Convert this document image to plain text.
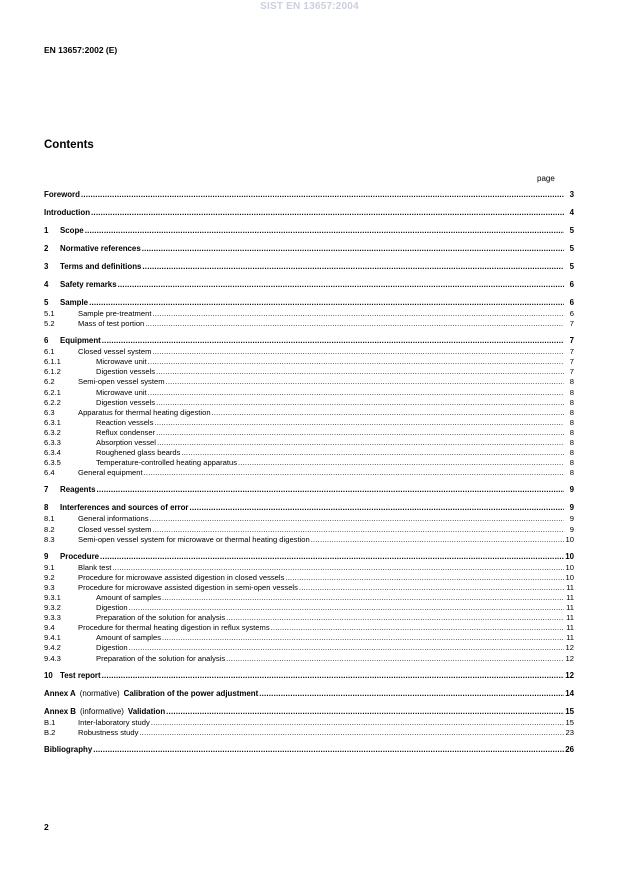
SIST EN 13657:2004
EN 13657:2002 (E)
Contents
page
Foreword .....	3
Introduction .....	4
1	Scope .....	5
2	Normative references .....	5
3	Terms and definitions .....	5
4	Safety remarks .....	6
5	Sample .....	6
5.1	Sample pre-treatment .....	6
5.2	Mass of test portion .....	7
6	Equipment .....	7
6.1	Closed vessel system .....	7
6.1.1	Microwave unit .....	7
6.1.2	Digestion vessels .....	7
6.2	Semi-open vessel system .....	8
6.2.1	Microwave unit .....	8
6.2.2	Digestion vessels .....	8
6.3	Apparatus for thermal heating digestion .....	8
6.3.1	Reaction vessels .....	8
6.3.2	Reflux condenser .....	8
6.3.3	Absorption vessel .....	8
6.3.4	Roughened glass beards .....	8
6.3.5	Temperature-controlled heating apparatus .....	8
6.4	General equipment .....	8
7	Reagents .....	9
8	Interferences and sources of error .....	9
8.1	General informations .....	9
8.2	Closed vessel system .....	9
8.3	Semi-open vessel system for microwave or thermal heating digestion .....	10
9	Procedure .....	10
9.1	Blank test .....	10
9.2	Procedure for microwave assisted digestion in closed vessels .....	10
9.3	Procedure for microwave assisted digestion in semi-open vessels .....	11
9.3.1	Amount of samples .....	11
9.3.2	Digestion .....	11
9.3.3	Preparation of the solution for analysis .....	11
9.4	Procedure for thermal heating digestion in reflux systems .....	11
9.4.1	Amount of samples .....	11
9.4.2	Digestion .....	12
9.4.3	Preparation of the solution for analysis .....	12
10 Test report .....	12
Annex A (normative) Calibration of the power adjustment .....	14
Annex B (informative) Validation .....	15
B.1	Inter-laboratory study .....	15
B.2	Robustness study .....	23
Bibliography .....	26
2
